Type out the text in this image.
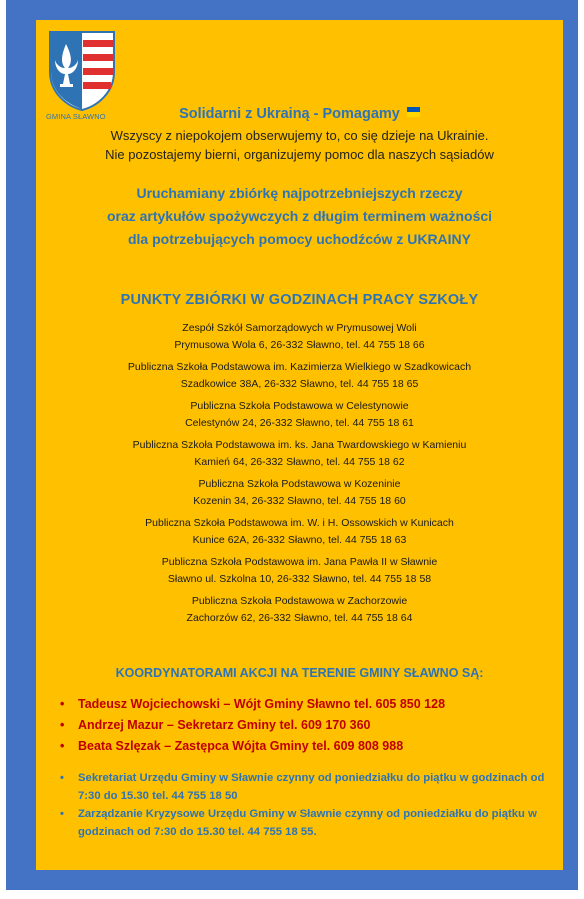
GMINA SŁAWNO	Solidarni z Ukrainą - Pomagamy
Wszyscy z niepokojem obserwujemy to, co się dzieje na Ukrainie.
Nie pozostajemy bierni, organizujemy pomoc dla naszych sąsiadów
Uruchamiany zbiórkę najpotrzebniejszych rzeczy
oraz artykułów spożywczych z długim terminem ważności
dla potrzebujących pomocy uchodźców z UKRAINY
PUNKTY ZBIÓRKI W GODZINACH PRACY SZKOŁY
Zespół Szkół Samorządowych w Prymusowej Woli
Prymusowa Wola 6, 26-332 Sławno, tel. 44 755 18 66
Publiczna Szkoła Podstawowa im. Kazimierza Wielkiego w Szadkowicach
Szadkowice 38A, 26-332 Sławno, tel. 44 755 18 65
Publiczna Szkoła Podstawowa w Celestynowie
Celestynów 24, 26-332 Sławno, tel. 44 755 18 61
Publiczna Szkoła Podstawowa im. ks. Jana Twardowskiego w Kamieniu
Kamień 64, 26-332 Sławno, tel. 44 755 18 62
Publiczna Szkoła Podstawowa w Kozeninie
Kozenin 34, 26-332 Sławno, tel. 44 755 18 60
Publiczna Szkoła Podstawowa im. W. i H. Ossowskich w Kunicach
Kunice 62A, 26-332 Sławno, tel. 44 755 18 63
Publiczna Szkoła Podstawowa im. Jana Pawła II w Sławnie
Sławno ul. Szkolna 10, 26-332 Sławno, tel. 44 755 18 58
Publiczna Szkoła Podstawowa w Zachorzowie
Zachorzów 62, 26-332 Sławno, tel. 44 755 18 64
KOORDYNATORAMI AKCJI NA TERENIE GMINY SŁAWNO SĄ:
• Tadeusz Wojciechowski – Wójt Gminy Sławno tel. 605 850 128
• Andrzej Mazur – Sekretarz Gminy tel. 609 170 360
• Beata Szlęzak – Zastępca Wójta Gminy tel. 609 808 988
• Sekretariat Urzędu Gminy w Sławnie czynny od poniedziałku do piątku w godzinach od 7:30 do 15.30 tel. 44 755 18 50
• Zarządzanie Kryzysowe Urzędu Gminy w Sławnie czynny od poniedziałku do piątku w godzinach od 7:30 do 15.30 tel. 44 755 18 55.
